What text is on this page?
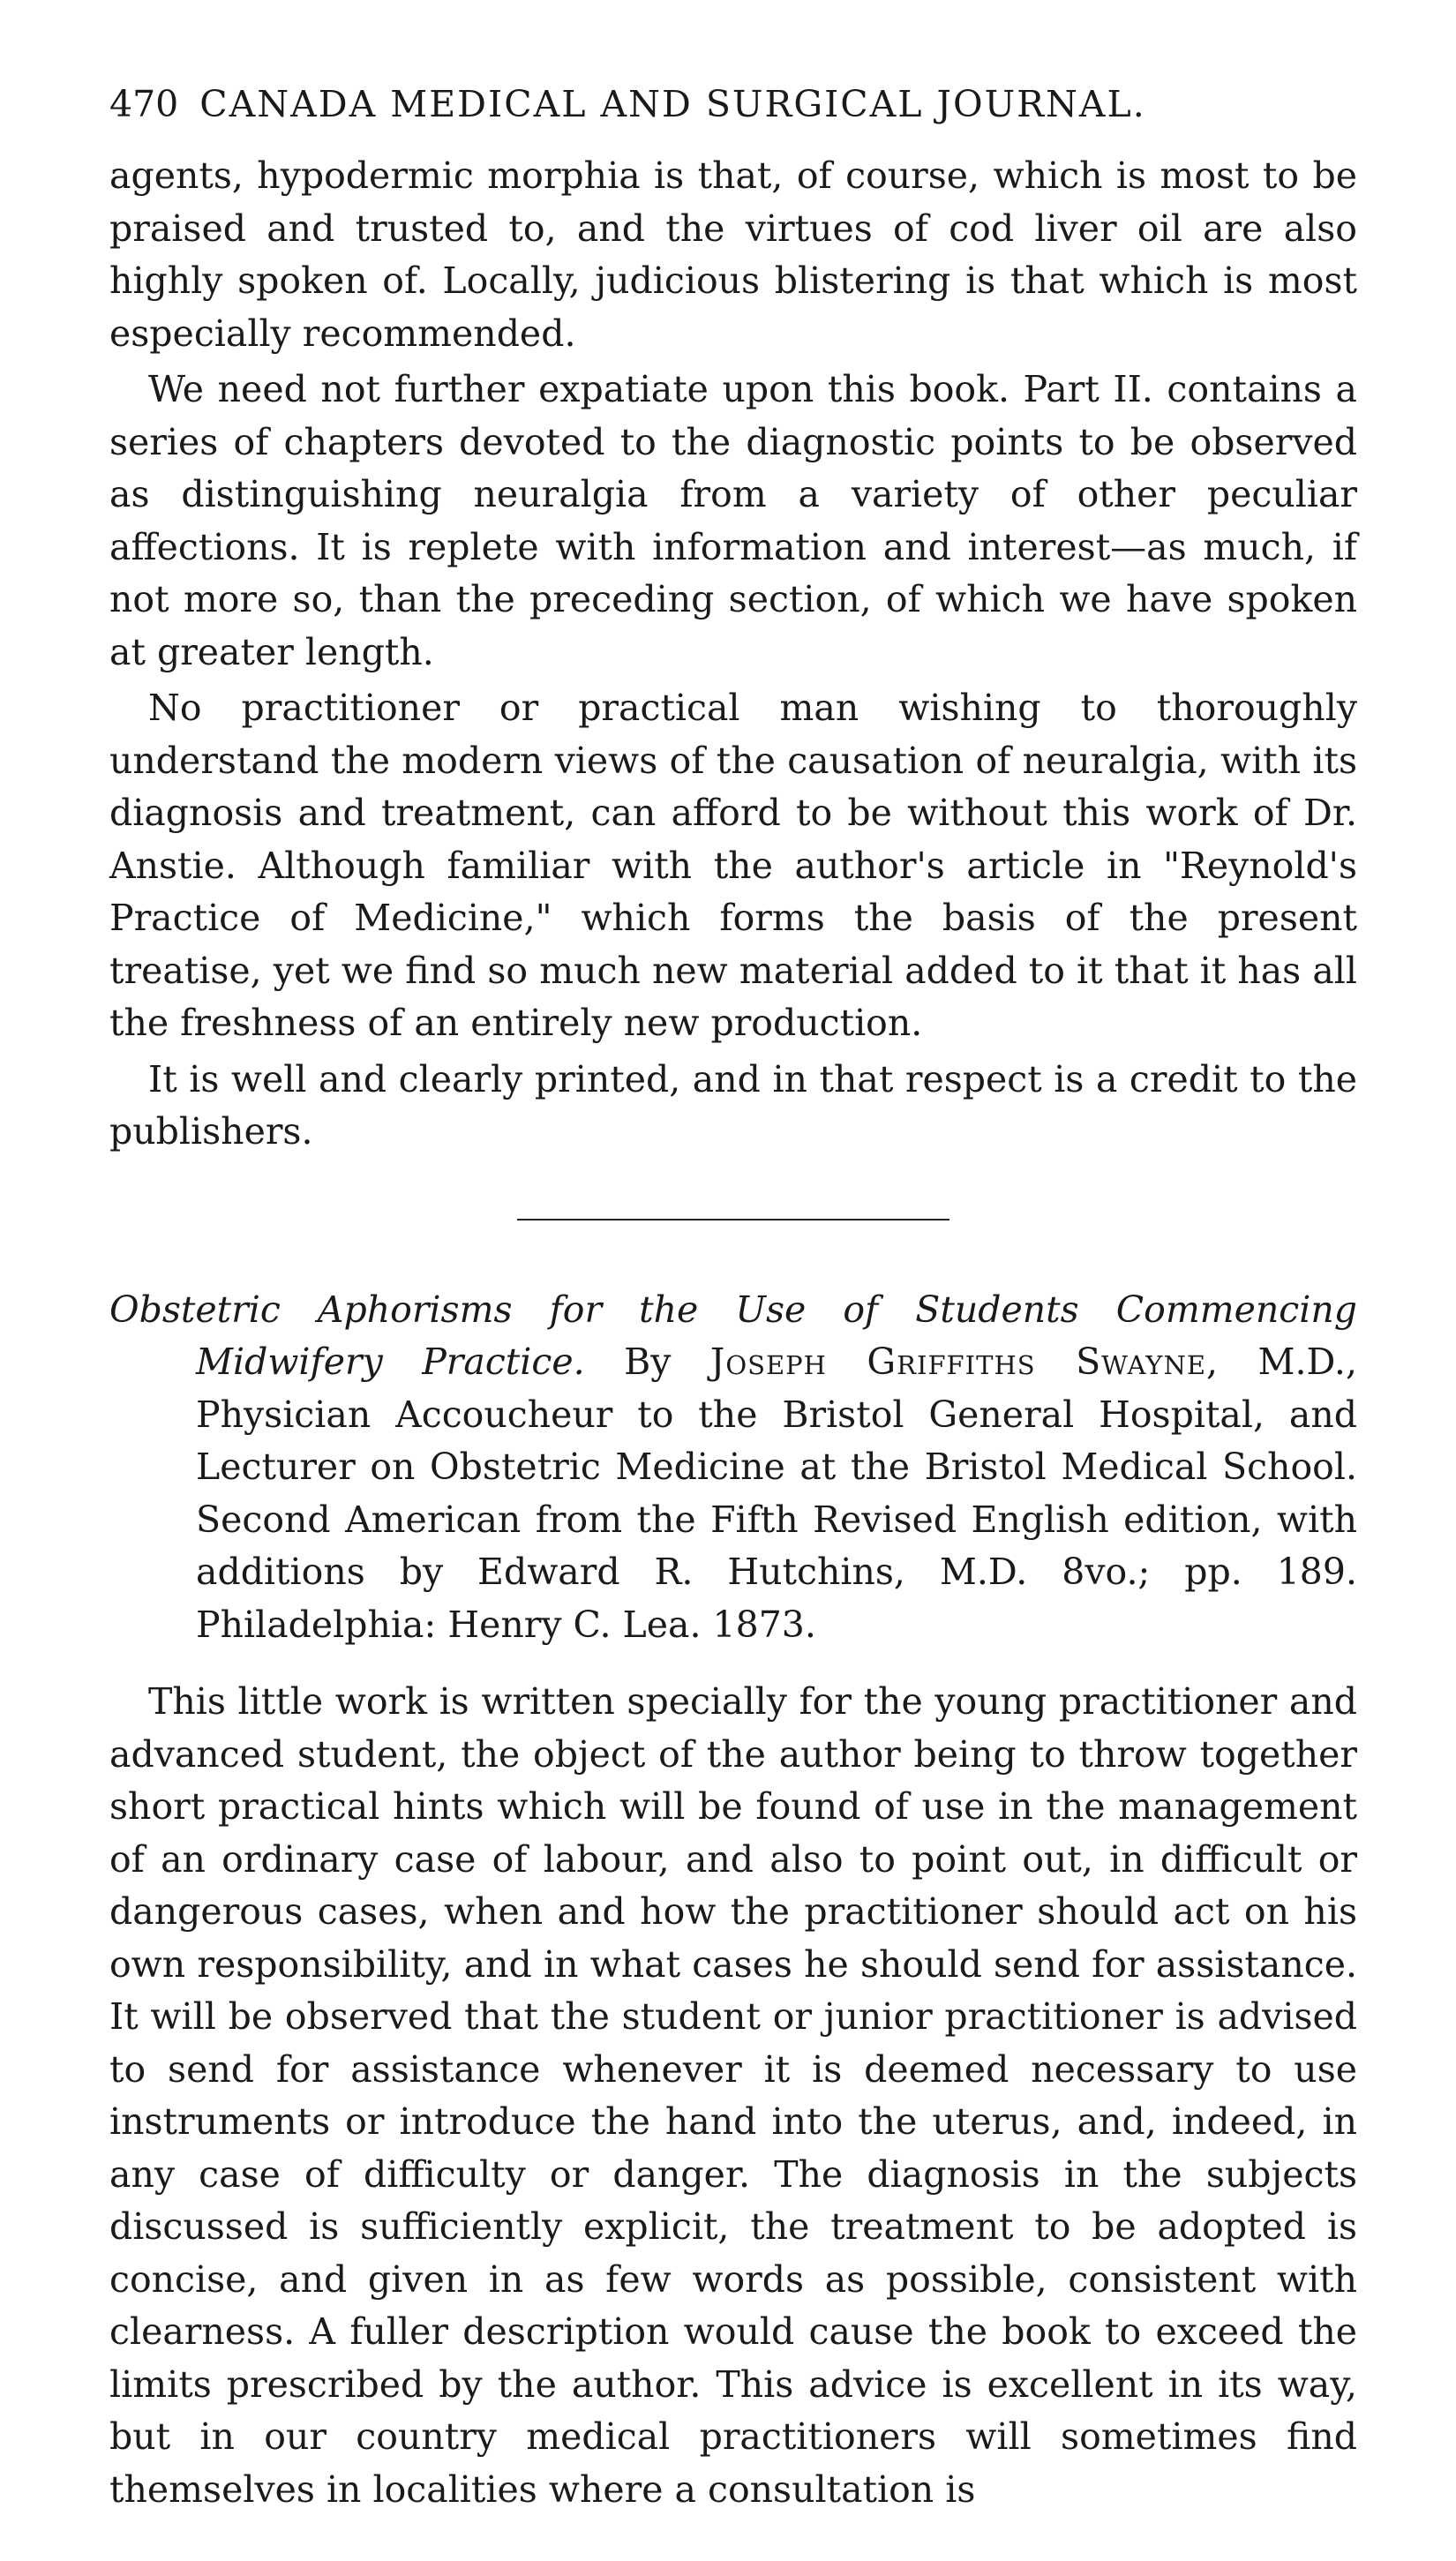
470 CANADA MEDICAL AND SURGICAL JOURNAL.

agents, hypodermic morphia is that, of course, which is most to be praised and trusted to, and the virtues of cod liver oil are also highly spoken of. Locally, judicious blistering is that which is most especially recommended.

We need not further expatiate upon this book. Part II. contains a series of chapters devoted to the diagnostic points to be observed as distinguishing neuralgia from a variety of other peculiar affections. It is replete with information and interest—as much, if not more so, than the preceding section, of which we have spoken at greater length.

No practitioner or practical man wishing to thoroughly understand the modern views of the causation of neuralgia, with its diagnosis and treatment, can afford to be without this work of Dr. Anstie. Although familiar with the author's article in "Reynold's Practice of Medicine," which forms the basis of the present treatise, yet we find so much new material added to it that it has all the freshness of an entirely new production.

It is well and clearly printed, and in that respect is a credit to the publishers.

Obstetric Aphorisms for the Use of Students Commencing Midwifery Practice. By Joseph Griffiths Swayne, M.D., Physician Accoucheur to the Bristol General Hospital, and Lecturer on Obstetric Medicine at the Bristol Medical School. Second American from the Fifth Revised English edition, with additions by Edward R. Hutchins, M.D. 8vo.; pp. 189. Philadelphia: Henry C. Lea. 1873.

This little work is written specially for the young practitioner and advanced student, the object of the author being to throw together short practical hints which will be found of use in the management of an ordinary case of labour, and also to point out, in difficult or dangerous cases, when and how the practitioner should act on his own responsibility, and in what cases he should send for assistance. It will be observed that the student or junior practitioner is advised to send for assistance whenever it is deemed necessary to use instruments or introduce the hand into the uterus, and, indeed, in any case of difficulty or danger. The diagnosis in the subjects discussed is sufficiently explicit, the treatment to be adopted is concise, and given in as few words as possible, consistent with clearness. A fuller description would cause the book to exceed the limits prescribed by the author. This advice is excellent in its way, but in our country medical practitioners will sometimes find themselves in localities where a consultation is
